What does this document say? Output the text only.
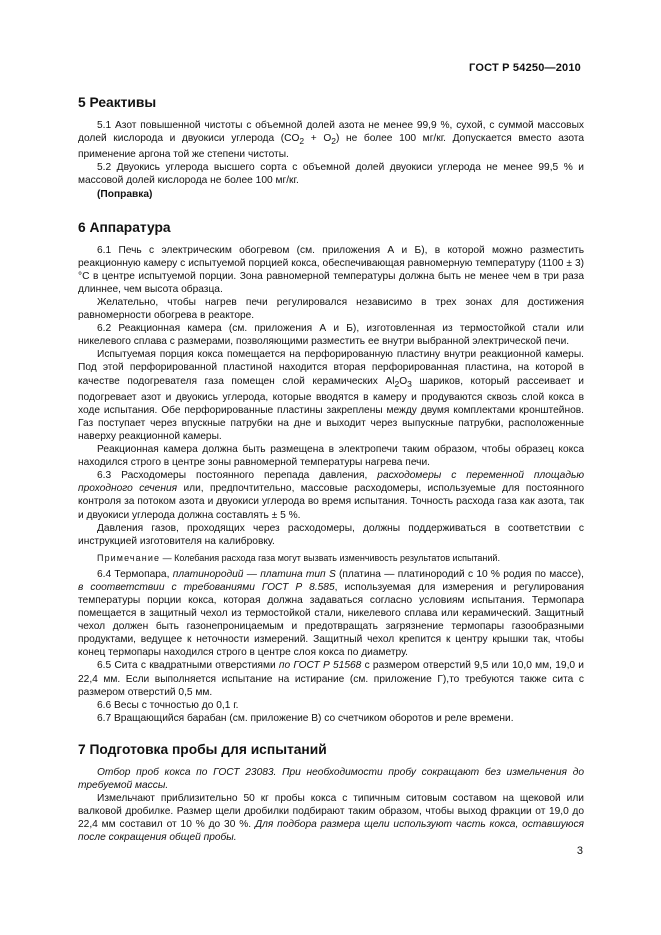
ГОСТ Р 54250—2010
5 Реактивы

5.1 Азот повышенной чистоты с объемной долей азота не менее 99,9 %, сухой, с суммой массовых долей кислорода и двуокиси углерода $(CO_2 + O_2)$ не более 100 мг/кг. Допускается вместо азота применение аргона той же степени чистоты.

5.2 Двуокись углерода высшего сорта с объемной долей двуокиси углерода не менее 99,5 % и массовой долей кислорода не более 100 мг/кг.

(Поправка)

6 Аппаратура

6.1 Печь с электрическим обогревом (см. приложения А и Б), в которой можно разместить реакционную камеру с испытуемой порцией кокса, обеспечивающая равномерную температуру (1100 ± 3) °С в центре испытуемой порции. Зона равномерной температуры должна быть не менее чем в три раза длиннее, чем высота образца.

Желательно, чтобы нагрев печи регулировался независимо в трех зонах для достижения равномерности обогрева в реакторе.

6.2 Реакционная камера (см. приложения А и Б), изготовленная из термостойкой стали или никелевого сплава с размерами, позволяющими разместить ее внутри выбранной электрической печи.

Испытуемая порция кокса помещается на перфорированную пластину внутри реакционной камеры. Под этой перфорированной пластиной находится вторая перфорированная пластина, на которой в качестве подогревателя газа помещен слой керамических $Al_2O_3$ шариков, который рассеивает и подогревает азот и двуокись углерода, которые вводятся в камеру и продуваются сквозь слой кокса в ходе испытания. Обе перфорированные пластины закреплены между двумя комплектами кронштейнов. Газ поступает через впускные патрубки на дне и выходит через выпускные патрубки, расположенные наверху реакционной камеры.

Реакционная камера должна быть размещена в электропечи таким образом, чтобы образец кокса находился строго в центре зоны равномерной температуры нагрева печи.

6.3 Расходомеры постоянного перепада давления, расходомеры с переменной площадью проходного сечения или, предпочтительно, массовые расходомеры, используемые для постоянного контроля за потоком азота и двуокиси углерода во время испытания. Точность расхода газа как азота, так и двуокиси углерода должна составлять ± 5 %.

Давления газов, проходящих через расходомеры, должны поддерживаться в соответствии с инструкцией изготовителя на калибровку.

Примечание — Колебания расхода газа могут вызвать изменчивость результатов испытаний.

6.4 Термопара, платинородий — платина тип S (платина — платинородий с 10 % родия по массе), в соответствии с требованиями ГОСТ Р 8.585, используемая для измерения и регулирования температуры порции кокса, которая должна задаваться согласно условиям испытания. Термопара помещается в защитный чехол из термостойкой стали, никелевого сплава или керамический. Защитный чехол должен быть газонепроницаемым и предотвращать загрязнение термопары газообразными продуктами, ведущее к неточности измерений. Защитный чехол крепится к центру крышки так, чтобы конец термопары находился строго в центре слоя кокса по диаметру.

6.5 Сита с квадратными отверстиями по ГОСТ Р 51568 с размером отверстий 9,5 или 10,0 мм, 19,0 и 22,4 мм. Если выполняется испытание на истирание (см. приложение Г),то требуются также сита с размером отверстий 0,5 мм.

6.6 Весы с точностью до 0,1 г.

6.7 Вращающийся барабан (см. приложение В) со счетчиком оборотов и реле времени.

7 Подготовка пробы для испытаний

Отбор проб кокса по ГОСТ 23083. При необходимости пробу сокращают без измельчения до требуемой массы.

Измельчают приблизительно 50 кг пробы кокса с типичным ситовым составом на щековой или валковой дробилке. Размер щели дробилки подбирают таким образом, чтобы выход фракции от 19,0 до 22,4 мм составил от 10 % до 30 %. Для подбора размера щели используют часть кокса, оставшуюся после сокращения общей пробы.

3
